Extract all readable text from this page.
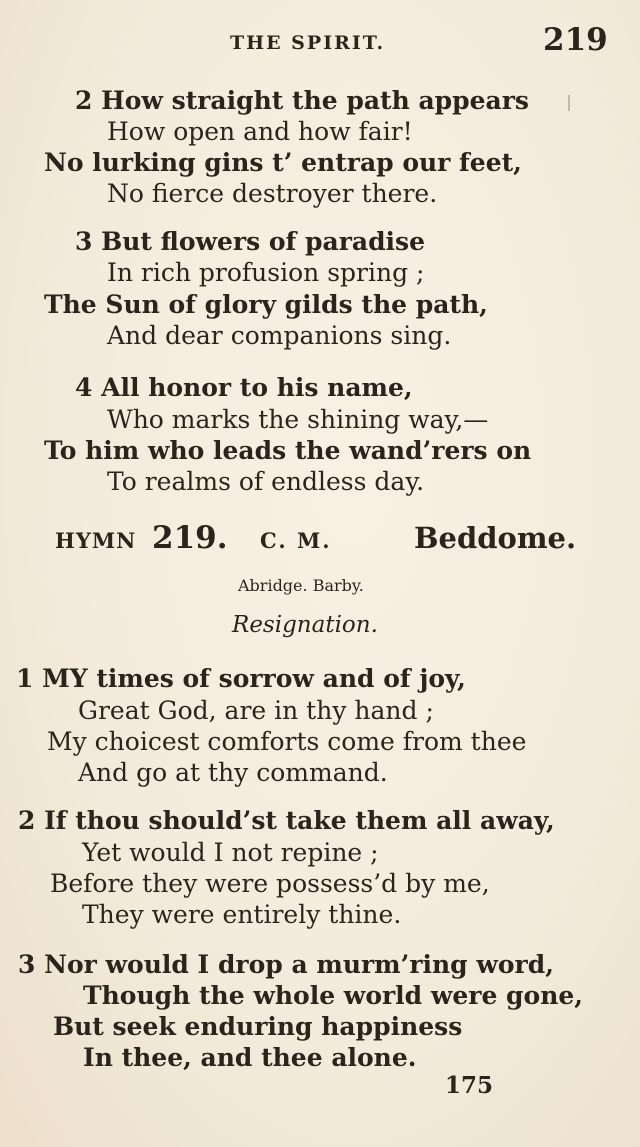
THE SPIRIT.	219
2 How straight the path appears
How open and how fair!
No lurking gins t’ entrap our feet,
No fierce destroyer there.
3 But flowers of paradise
In rich profusion spring ;
The Sun of glory gilds the path,
And dear companions sing.
4 All honor to his name,
Who marks the shining way,—
To him who leads the wand’rers on
To realms of endless day.
HYMN 219. C. M.	Beddome.
Abridge. Barby.
Resignation.
1 MY times of sorrow and of joy,
Great God, are in thy hand ;
My choicest comforts come from thee
And go at thy command.
2 If thou should’st take them all away,
Yet would I not repine ;
Before they were possess’d by me,
They were entirely thine.
3 Nor would I drop a murm’ring word,
Though the whole world were gone,
But seek enduring happiness
In thee, and thee alone.
175
